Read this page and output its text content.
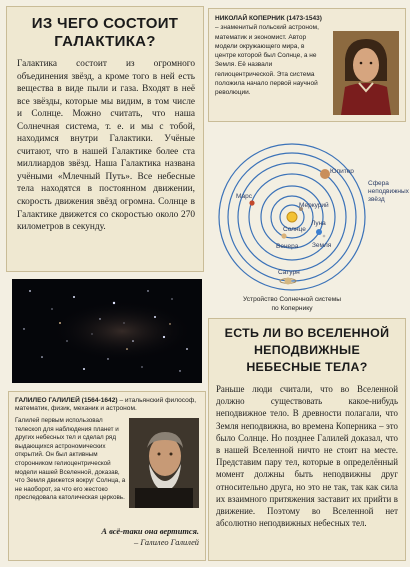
ИЗ ЧЕГО СОСТОИТ
ГАЛАКТИКА?
Галактика состоит из огромного объединения звёзд, а кроме того в ней есть вещества в виде пыли и газа. Входят в неё все звёзды, которые мы видим, в том числе и Солнце. Можно считать, что наша Солнечная система, т. е. и мы с тобой, находимся внутри Галактики. Учёные считают, что в нашей Галактике более ста миллиардов звёзд. Наша Галактика названа учёными «Млечный Путь». Все небесные тела находятся в постоянном движении, скорость движения звёзд огромна. Солнце в Галактике движется со скоростью около 270 километров в секунду.
ГАЛИЛЕО ГАЛИЛЕЙ (1564-1642) – итальянский философ, математик, физик, механик и астроном.
Галилей первым использовал телескоп для наблюдения планет и других небесных тел и сделал ряд выдающихся астрономических открытий. Он был активным сторонником гелиоцентрической модели нашей Вселенной, доказав, что Земля движется вокруг Солнца, а не наоборот, за что его жестоко преследовала католическая церковь.
А всё-таки она вертится.
– Галилео Галилей
НИКОЛАЙ КОПЕРНИК (1473-1543) – знаменитый польский астроном, математик и экономист. Автор модели окружающего мира, в центре которой был Солнце, а не Земля. Её назвали гелиоцентрической. Эта система положила начало первой научной революции.
Солнце
Меркурий
Венера Земля
Луна
Марс
Юпитер
Сатурн
Сфера неподвижных звёзд
Устройство Солнечной системы
по Копернику
ЕСТЬ ЛИ ВО ВСЕЛЕННОЙ
НЕПОДВИЖНЫЕ
НЕБЕСНЫЕ ТЕЛА?
Раньше люди считали, что во Вселенной должно существовать какое-нибудь неподвижное тело. В древности полагали, что Земля неподвижна, во времена Коперника – это было Солнце. Но позднее Галилей доказал, что в нашей Вселенной ничто не стоит на месте. Представим пару тел, которые в определённый момент должны быть неподвижны друг относительно друга, но это не так, так как сила их взаимного притяжения заставит их прийти в движение. Поэтому во Вселенной нет абсолютно неподвижных небесных тел.
